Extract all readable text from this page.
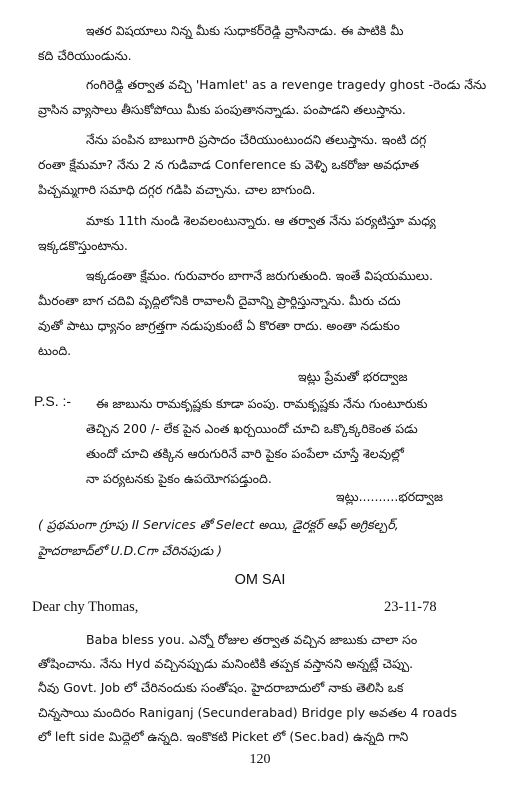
ఇతర విషయాలు నిన్న మీకు సుధాకర్‌రెడ్డి వ్రాసినాడు. ఈ పాటికి మీ
కది చేరియుండును.
గంగిరెడ్డి తర్వాత వచ్చి 'Hamlet' as a revenge tragedy ghost -రెండు నేను
వ్రాసిన వ్యాసాలు తీసుకోపోయి మీకు పంపుతానన్నాడు. పంపాడని తలుస్తాను.
నేను పంపిన బాబుగారి ప్రసాదం చేరియుంటుందని తలుస్తాను. ఇంటి దగ్గ
రంతా క్షేమమా? నేను 2 న గుడివాడ Conference కు వెళ్ళి ఒకరోజు అవధూత
పిచ్చమ్మగారి సమాధి దగ్గర గడిపి వచ్చాను. చాల బాగుంది.
మాకు 11th నుండి శెలవలంటున్నారు. ఆ తర్వాత నేను పర్యటిస్తూ మధ్య
ఇక్కడకొస్తుంటాను.
ఇక్కడంతా క్షేమం. గురువారం బాగానే జరుగుతుంది. ఇంతే విషయములు.
మీరంతా బాగ చదివి వృద్ధిలోనికి రావాలనీ దైవాన్ని ప్రార్థిస్తున్నాను. మీరు చదు
వుతో పాటు ధ్యానం జాగ్రత్తగా నడుపుకుంటే ఏ కొరతా రాదు. అంతా నడుకుం
ఇట్లు ప్రేమతో భరద్వాజ
P.S. :- ఈ జాబును రామకృష్ణకు కూడా పంపు. రామకృష్ణకు నేను గుంటూరుకు
తెచ్చిన 200 /- లేక పైన ఎంత ఖర్చయిందో చూచి ఒక్కొక్కరికెంత పడు
తుందో చూచి తక్కిన ఆరుగురినే వారి పైకం పంపేలా చూస్తే శెలవుల్లో
నా పర్యటనకు పైకం ఉపయోగపడ్తుంది.
ఇట్లు..........భరద్వాజ
( ప్రథమంగా గ్రూపు II Services తో Select అయి, డైరక్టర్ ఆఫ్ అగ్రికల్చర్,
హైదరాబాద్‌లో U.D.Cగా చేరినపుడు )
OM SAI
Dear chy Thomas,	23-11-78
120
Baba bless you. ఎన్నో రోజుల తర్వాత వచ్చిన జాబుకు చాలా సం
తోషించాను. నేను Hyd వచ్చినప్పుడు మనింటికి తప్పక వస్తానని అన్నట్లే చెప్పు.
నీవు Govt. Job లో చేరినందుకు సంతోషం. హైదరాబాదులో నాకు తెలిసి ఒక
చిన్నసాయి మందిరం Raniganj (Secunderabad) Bridge ply అవతల 4 roads
లో left side మిద్దెలో ఉన్నది. ఇంకొకటి Picket లో (Sec.bad) ఉన్నది గాని
టుంది.
